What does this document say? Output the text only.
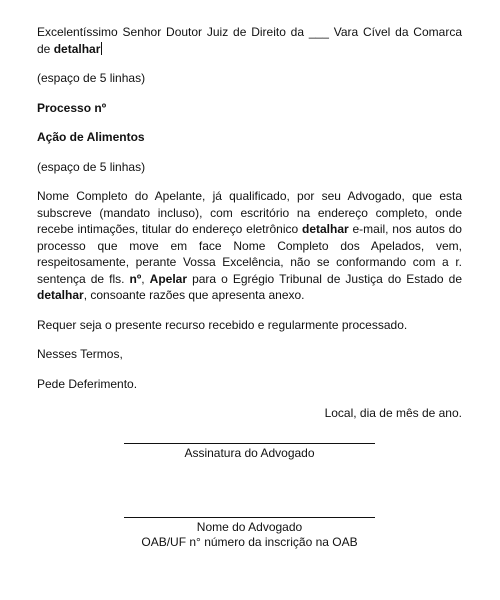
Excelentíssimo Senhor Doutor Juiz de Direito da ___ Vara Cível da Comarca de detalhar

(espaço de 5 linhas)

Processo nº

Ação de Alimentos

(espaço de 5 linhas)

Nome Completo do Apelante, já qualificado, por seu Advogado, que esta subscreve (mandato incluso), com escritório na endereço completo, onde recebe intimações, titular do endereço eletrônico detalhar e-mail, nos autos do processo que move em face Nome Completo dos Apelados, vem, respeitosamente, perante Vossa Excelência, não se conformando com a r. sentença de fls. nº, Apelar para o Egrégio Tribunal de Justiça do Estado de detalhar, consoante razões que apresenta anexo.

Requer seja o presente recurso recebido e regularmente processado.

Nesses Termos,

Pede Deferimento.

Local, dia de mês de ano.

Assinatura do Advogado

Nome do Advogado

OAB/UF n° número da inscrição na OAB
